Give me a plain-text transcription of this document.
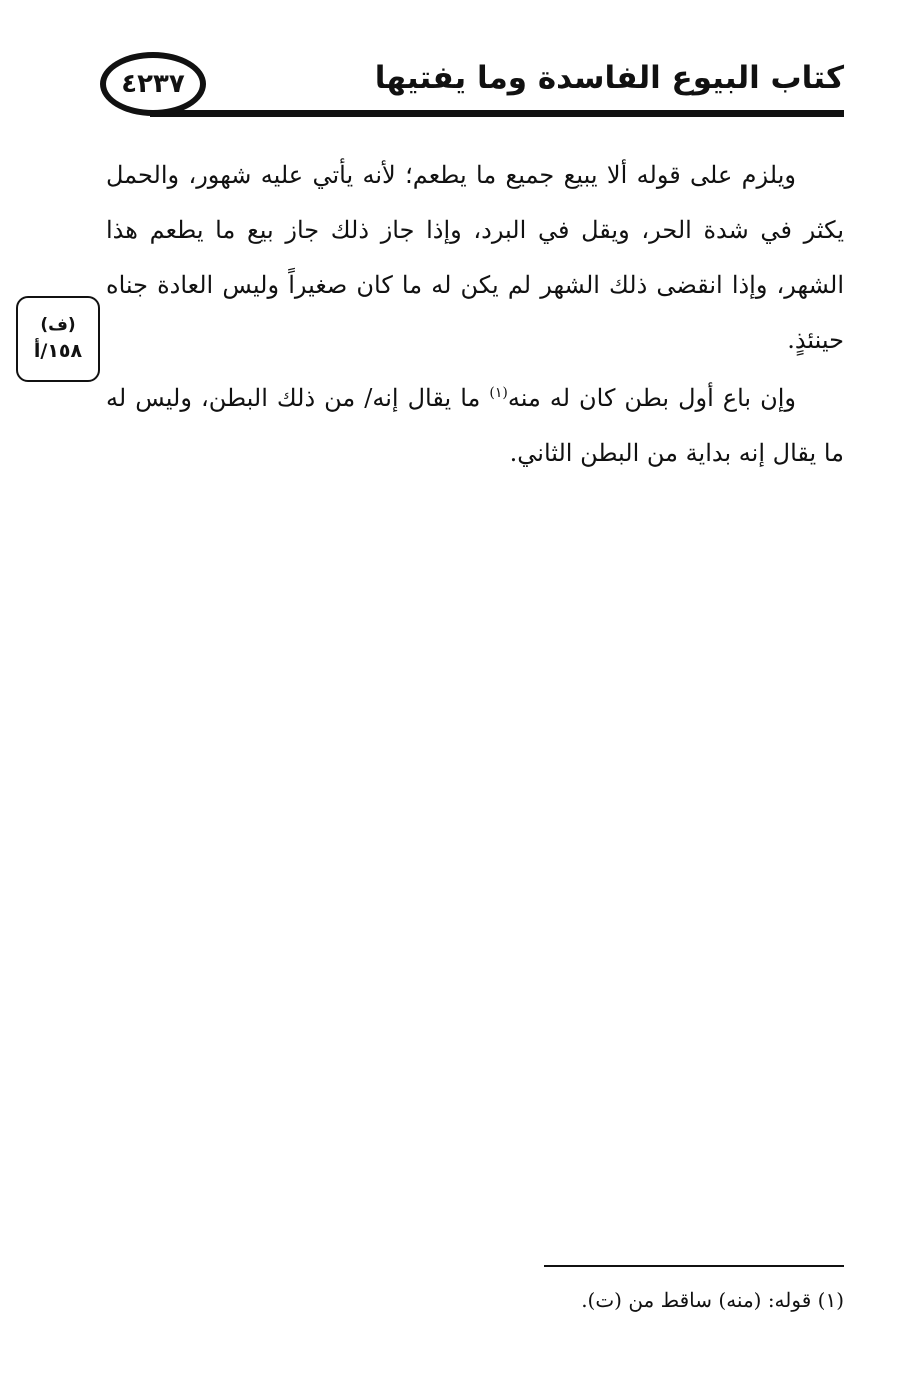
٤٢٣٧	كتاب البيوع الفاسدة وما يفتيها

ويلزم على قوله ألا يبيع جميع ما يطعم؛ لأنه يأتي عليه شهور، والحمل يكثر في شدة الحر، ويقل في البرد، وإذا جاز ذلك جاز بيع ما يطعم هذا الشهر، وإذا انقضى ذلك الشهر لم يكن له ما كان صغيراً وليس العادة جناه حينئذٍ.

وإن باع أول بطن كان له منه$^{(١)}$ ما يقال إنه/ من ذلك البطن، وليس له ما يقال إنه بداية من البطن الثاني.

(ف)
١٥٨/أ
(١) قوله: (منه) ساقط من (ت).
